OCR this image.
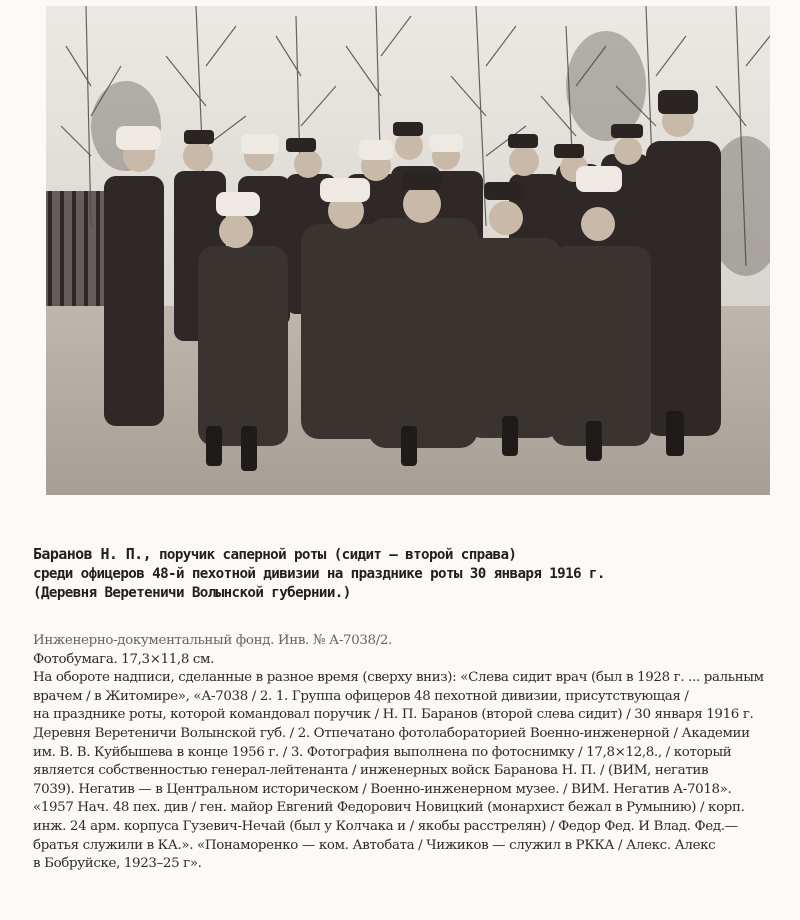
Баранов Н. П., поручик саперной роты (сидит — второй справа)
среди офицеров 48-й пехотной дивизии на празднике роты 30 января 1916 г.
(Деревня Веретеничи Волынской губернии.)
Инженерно-документальный фонд. Инв. № А-7038/2.
Фотобумага. 17,3×11,8 см.
На обороте надписи, сделанные в разное время (сверху вниз): «Слева сидит врач (был в 1928 г. ... ральным
врачем / в Житомире», «А-7038 / 2. 1. Группа офицеров 48 пехотной дивизии, присутствующая /
на празднике роты, которой командовал поручик / Н. П. Баранов (второй слева сидит) / 30 января 1916 г.
Деревня Веретеничи Волынской губ. / 2. Отпечатано фотолабораторией Военно-инженерной / Академии
им. В. В. Куйбышева в конце 1956 г. / 3. Фотография выполнена по фотоснимку / 17,8×12,8., / который
является собственностью генерал-лейтенанта / инженерных войск Баранова Н. П. / (ВИМ, негатив
7039). Негатив — в Центральном историческом / Военно-инженерном музее. / ВИМ. Негатив А-7018».
«1957 Нач. 48 пех. див / ген. майор Евгений Федорович Новицкий (монархист бежал в Румынию) / корп.
инж. 24 арм. корпуса Гузевич-Нечай (был у Колчака и / якобы расстрелян) / Федор Фед. И Влад. Фед.—
братья служили в КА.». «Понаморенко — ком. Автобата / Чижиков — служил в РККА / Алекс. Алекс
в Бобруйске, 1923–25 г».
